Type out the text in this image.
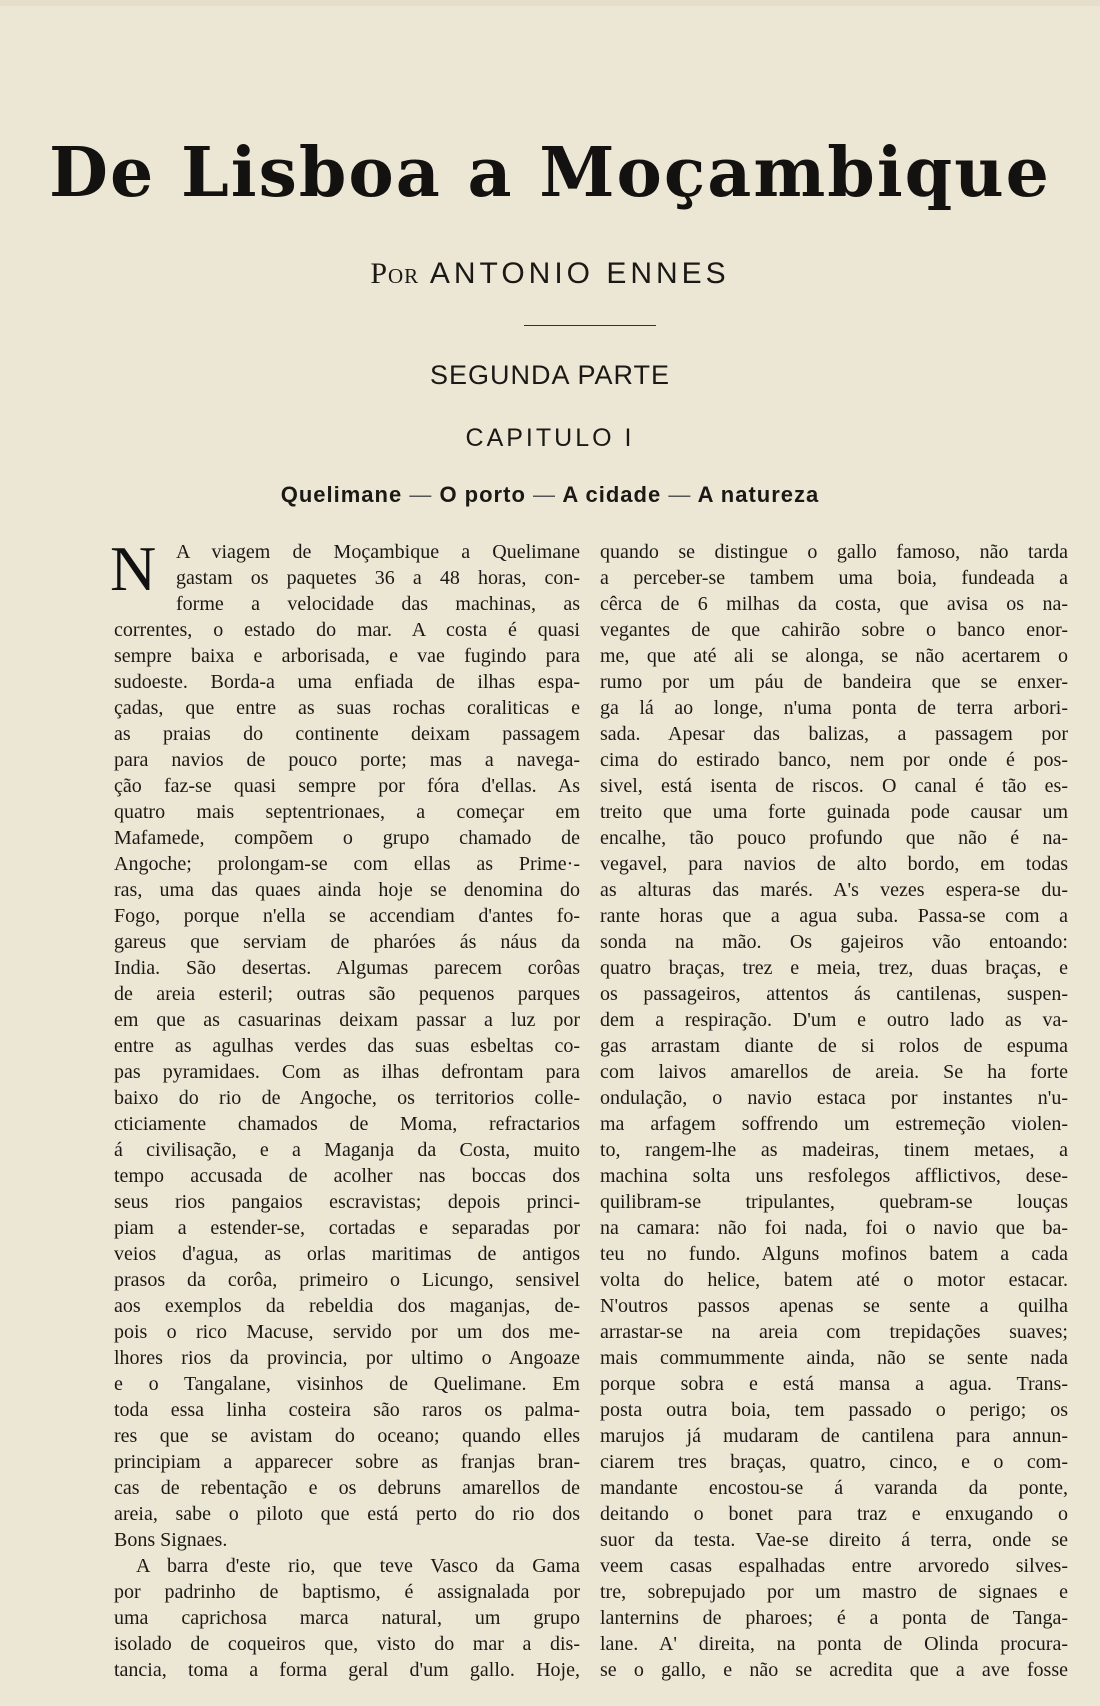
De Lisboa a Moçambique
Por ANTONIO ENNES
SEGUNDA PARTE
CAPITULO I
Quelimane — O porto — A cidade — A natureza
N A viagem de Moçambique a Quelimane
gastam os paquetes 36 a 48 horas, con-
forme a velocidade das machinas, as
correntes, o estado do mar. A costa é quasi
sempre baixa e arborisada, e vae fugindo para
sudoeste. Borda-a uma enfiada de ilhas espa-
çadas, que entre as suas rochas coraliticas e
as praias do continente deixam passagem
para navios de pouco porte; mas a navega-
ção faz-se quasi sempre por fóra d'ellas. As
quatro mais septentrionaes, a começar em
Mafamede, compõem o grupo chamado de
Angoche; prolongam-se com ellas as Prime·-
ras, uma das quaes ainda hoje se denomina do
Fogo, porque n'ella se accendiam d'antes fo-
gareus que serviam de pharóes ás náus da
India. São desertas. Algumas parecem corôas
de areia esteril; outras são pequenos parques
em que as casuarinas deixam passar a luz por
entre as agulhas verdes das suas esbeltas co-
pas pyramidaes. Com as ilhas defrontam para
baixo do rio de Angoche, os territorios colle-
cticiamente chamados de Moma, refractarios
á civilisação, e a Maganja da Costa, muito
tempo accusada de acolher nas boccas dos
seus rios pangaios escravistas; depois princi-
piam a estender-se, cortadas e separadas por
veios d'agua, as orlas maritimas de antigos
prasos da corôa, primeiro o Licungo, sensivel
aos exemplos da rebeldia dos maganjas, de-
pois o rico Macuse, servido por um dos me-
lhores rios da provincia, por ultimo o Angoaze
e o Tangalane, visinhos de Quelimane. Em
toda essa linha costeira são raros os palma-
res que se avistam do oceano; quando elles
principiam a apparecer sobre as franjas bran-
cas de rebentação e os debruns amarellos de
areia, sabe o piloto que está perto do rio dos
Bons Signaes.
A barra d'este rio, que teve Vasco da Gama
por padrinho de baptismo, é assignalada por
uma caprichosa marca natural, um grupo
isolado de coqueiros que, visto do mar a dis-
tancia, toma a forma geral d'um gallo. Hoje,
quando se distingue o gallo famoso, não tarda
a perceber-se tambem uma boia, fundeada a
cêrca de 6 milhas da costa, que avisa os na-
vegantes de que cahirão sobre o banco enor-
me, que até ali se alonga, se não acertarem o
rumo por um páu de bandeira que se enxer-
ga lá ao longe, n'uma ponta de terra arbori-
sada. Apesar das balizas, a passagem por
cima do estirado banco, nem por onde é pos-
sivel, está isenta de riscos. O canal é tão es-
treito que uma forte guinada pode causar um
encalhe, tão pouco profundo que não é na-
vegavel, para navios de alto bordo, em todas
as alturas das marés. A's vezes espera-se du-
rante horas que a agua suba. Passa-se com a
sonda na mão. Os gajeiros vão entoando:
quatro braças, trez e meia, trez, duas braças, e
os passageiros, attentos ás cantilenas, suspen-
dem a respiração. D'um e outro lado as va-
gas arrastam diante de si rolos de espuma
com laivos amarellos de areia. Se ha forte
ondulação, o navio estaca por instantes n'u-
ma arfagem soffrendo um estremeção violen-
to, rangem-lhe as madeiras, tinem metaes, a
machina solta uns resfolegos afflictivos, dese-
quilibram-se tripulantes, quebram-se louças
na camara: não foi nada, foi o navio que ba-
teu no fundo. Alguns mofinos batem a cada
volta do helice, batem até o motor estacar.
N'outros passos apenas se sente a quilha
arrastar-se na areia com trepidações suaves;
mais commummente ainda, não se sente nada
porque sobra e está mansa a agua. Trans-
posta outra boia, tem passado o perigo; os
marujos já mudaram de cantilena para annun-
ciarem tres braças, quatro, cinco, e o com-
mandante encostou-se á varanda da ponte,
deitando o bonet para traz e enxugando o
suor da testa. Vae-se direito á terra, onde se
veem casas espalhadas entre arvoredo silves-
tre, sobrepujado por um mastro de signaes e
lanternins de pharoes; é a ponta de Tanga-
lane. A' direita, na ponta de Olinda procura-
se o gallo, e não se acredita que a ave fosse
